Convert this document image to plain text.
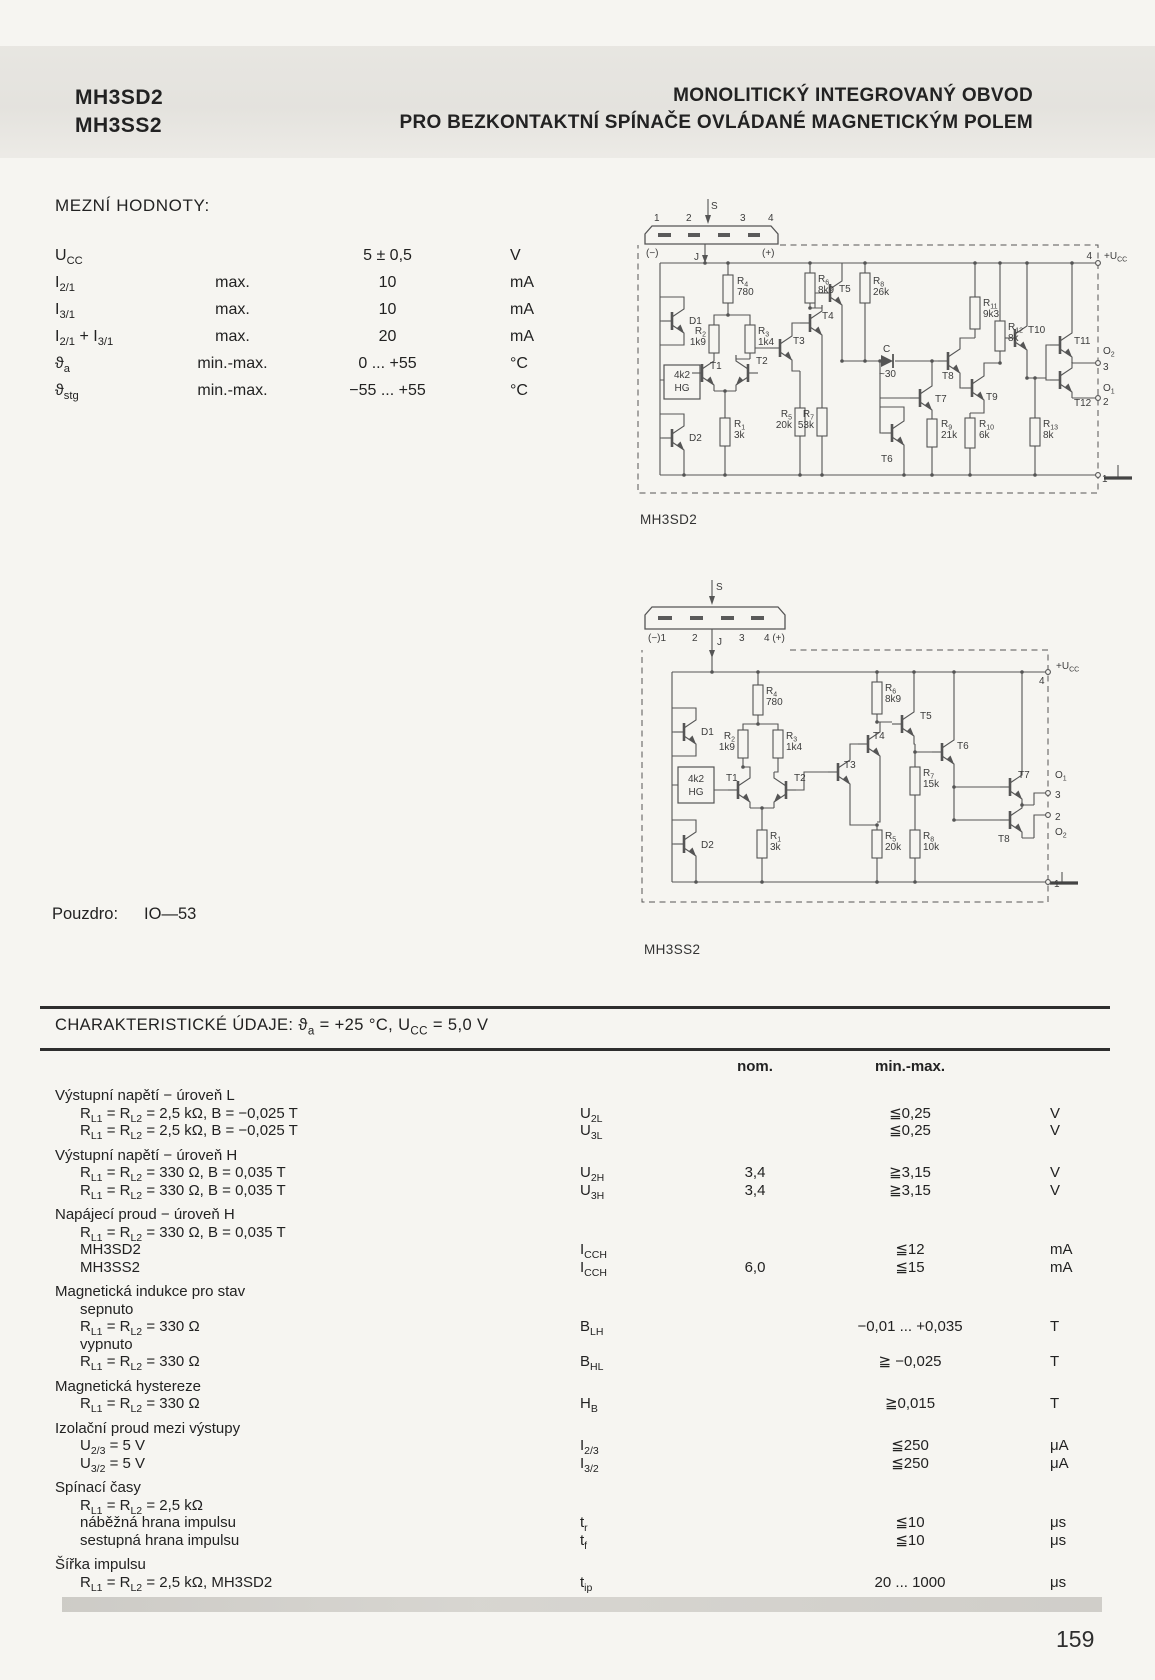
MH3SD2
MH3SS2
MONOLITICKÝ INTEGROVANÝ OBVOD
PRO BEZKONTAKTNÍ SPÍNAČE OVLÁDANÉ MAGNETICKÝM POLEM
MEZNÍ HODNOTY:
$U_{CC}$	5 ± 0,5	V
$I_{2/1}$	max.	10	mA
$I_{3/1}$	max.	10	mA
$I_{2/1} + I_{3/1}$	max.	20	mA
$ϑ_a$	min.-max.	0 ... +55	°C
$ϑ_{stg}$	min.-max.	−55 ... +55	°C
1	2
S
3 4
(−)	(+)
J	$4 +U_{CC}$
$R_4$
780
$R_2$
1k9
$R_3$
1k4
$R_6$
8k9
$R_8$
26k
$R_{11}$
9k3
$R_{12}$
8k
$R_1$
3k
$R_5$
20k
$R_7$
53k	$R_9$
21k
$R_{10}$
6k
$R_{13}$
8k
D1
D2
T1	T2
T3
T4
T5
T6
T7
T8
T9
T10
T11
T12
4k2
HG
C
~30
$O_2$
3
$O_1$
2
1
MH3SD2
S
(−)1	2 J 3 4 (+)
4
$+U_{CC}$
$R_4$
780
$R_2$
1k9
$R_3$
1k4
$R_6$
8k9
$R_7$
15k
$R_1$
3k
$R_5$
20k
$R_8$
10k
D1
D2
T1	T2
T3
T4
T5
T6
T7
T8
4k2
HG
$O_1$
3
2
$O_2$
1
MH3SS2
Pouzdro: IO—53
CHARAKTERISTICKÉ ÚDAJE: $ϑ_a = +25$ °C, $U_{CC} = 5,0$ V
nom.	min.-max.
Výstupní napětí − úroveň L
$R_{L1} = R_{L2} = 2,5$ kΩ, B = −0,025 T	$U_{2L}$	≦0,25	V
$R_{L1} = R_{L2} = 2,5$ kΩ, B = −0,025 T	$U_{3L}$	≦0,25	V
Výstupní napětí − úroveň H
$R_{L1} = R_{L2} = 330$ Ω, B = 0,035 T	$U_{2H}$	3,4	≧3,15	V
$R_{L1} = R_{L2} = 330$ Ω, B = 0,035 T	$U_{3H}$	3,4	≧3,15	V
Napájecí proud − úroveň H
$R_{L1} = R_{L2} = 330$ Ω, B = 0,035 T
MH3SD2	$I_{CCH}$	≦12	mA
MH3SS2	$I_{CCH}$	6,0	≦15	mA
Magnetická indukce pro stav
sepnuto
$R_{L1} = R_{L2} = 330$ Ω	$B_{LH}$	−0,01 ... +0,035	T
vypnuto
$R_{L1} = R_{L2} = 330$ Ω	$B_{HL}$	≧ −0,025	T
Magnetická hystereze
$R_{L1} = R_{L2} = 330$ Ω	$H_B$	≧0,015	T
Izolační proud mezi výstupy
$U_{2/3} = 5$ V	$I_{2/3}$	≦250	μA
$U_{3/2} = 5$ V	$I_{3/2}$	≦250	μA
Spínací časy
$R_{L1} = R_{L2} = 2,5$ kΩ
náběžná hrana impulsu	$t_r$	≦10	μs
sestupná hrana impulsu	$t_f$	≦10	μs
Šířka impulsu
$R_{L1} = R_{L2} = 2,5$ kΩ, MH3SD2	$t_{ip}$	20 ... 1000	μs
159
